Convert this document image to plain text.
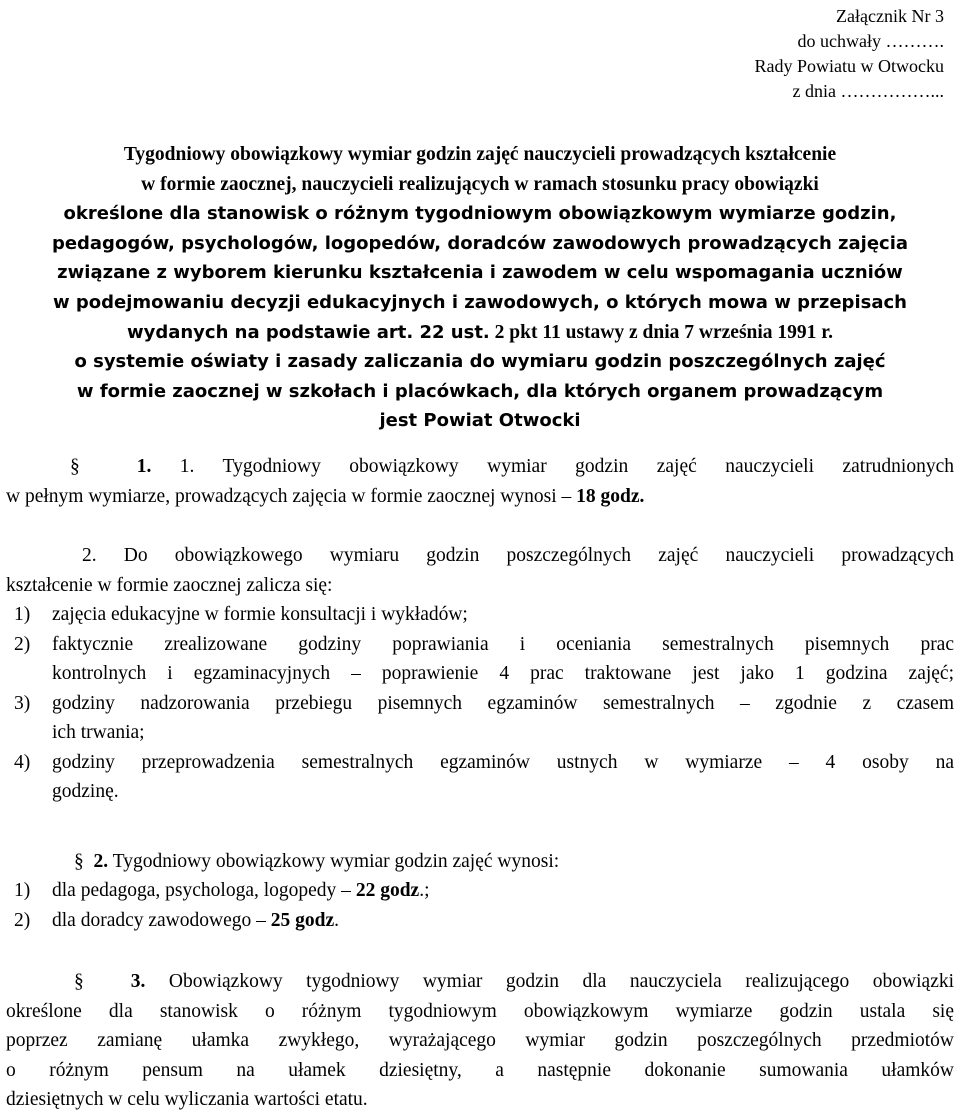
Załącznik Nr 3
do uchwały ……….
Rady Powiatu w Otwocku
z dnia ……………...
Tygodniowy obowiązkowy wymiar godzin zajęć nauczycieli prowadzących kształcenie
w formie zaocznej, nauczycieli realizujących w ramach stosunku pracy obowiązki
określone dla stanowisk o różnym tygodniowym obowiązkowym wymiarze godzin,
pedagogów, psychologów, logopedów, doradców zawodowych prowadzących zajęcia
związane z wyborem kierunku kształcenia i zawodem w celu wspomagania uczniów
w podejmowaniu decyzji edukacyjnych i zawodowych, o których mowa w przepisach
wydanych na podstawie art. 22 ust. 2 pkt 11 ustawy z dnia 7 września 1991 r.
o systemie oświaty i zasady zaliczania do wymiaru godzin poszczególnych zajęć
w formie zaocznej w szkołach i placówkach, dla których organem prowadzącym
jest Powiat Otwocki
§	1. 1. Tygodniowy obowiązkowy wymiar godzin zajęć nauczycieli zatrudnionych
w pełnym wymiarze, prowadzących zajęcia w formie zaocznej wynosi – 18 godz.
2. Do obowiązkowego wymiaru godzin poszczególnych zajęć nauczycieli prowadzących
kształcenie w formie zaocznej zalicza się:
1)	zajęcia edukacyjne w formie konsultacji i wykładów;
2)	faktycznie zrealizowane godziny poprawiania i oceniania semestralnych pisemnych prac
kontrolnych i egzaminacyjnych – poprawienie 4 prac traktowane jest jako 1 godzina zajęć;
3)	godziny nadzorowania przebiegu pisemnych egzaminów semestralnych – zgodnie z czasem
ich trwania;
4)	godziny przeprowadzenia semestralnych egzaminów ustnych w wymiarze – 4 osoby na
godzinę.
§ 2. Tygodniowy obowiązkowy wymiar godzin zajęć wynosi:
1)	dla pedagoga, psychologa, logopedy – 22 godz.;
2)	dla doradcy zawodowego – 25 godz.
§ 3. Obowiązkowy tygodniowy wymiar godzin dla nauczyciela realizującego obowiązki
określone dla stanowisk o różnym tygodniowym obowiązkowym wymiarze godzin ustala się
poprzez zamianę ułamka zwykłego, wyrażającego wymiar godzin poszczególnych przedmiotów
o różnym pensum na ułamek dziesiętny, a następnie dokonanie sumowania ułamków
dziesiętnych w celu wyliczania wartości etatu.
